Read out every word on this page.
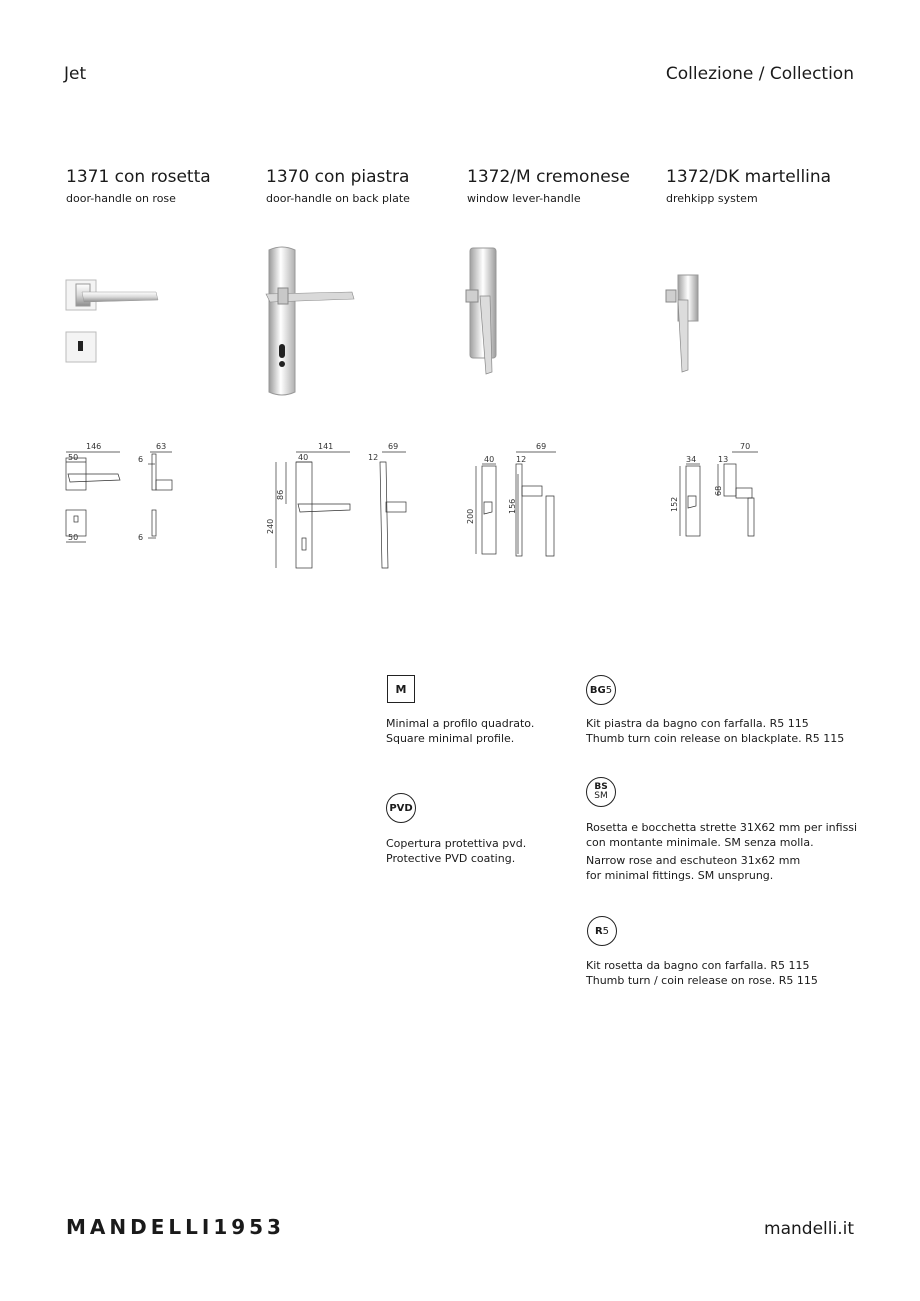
Jet	Collezione / Collection
1371 con rosetta
door-handle on rose
1370 con piastra
door-handle on back plate
1372/M cremonese
window lever-handle
1372/DK martellina
drehkipp system
146	63
50	6
50	6
141	69
40	12
86
240
40
69
12
200
156
34
70
13
68
152
M
Minimal a profilo quadrato.
Square minimal profile.
PVD
Copertura protettiva pvd.
Protective PVD coating.
BG 5
Kit piastra da bagno con farfalla. R5 115
Thumb turn coin release on blackplate. R5 115
BS
SM
Rosetta e bocchetta strette 31X62 mm per infissi
con montante minimale. SM senza molla.
Narrow rose and eschuteon 31x62 mm
for minimal fittings. SM unsprung.
R 5
Kit rosetta da bagno con farfalla. R5 115
Thumb turn / coin release on rose. R5 115
MANDELLI1953	mandelli.it
